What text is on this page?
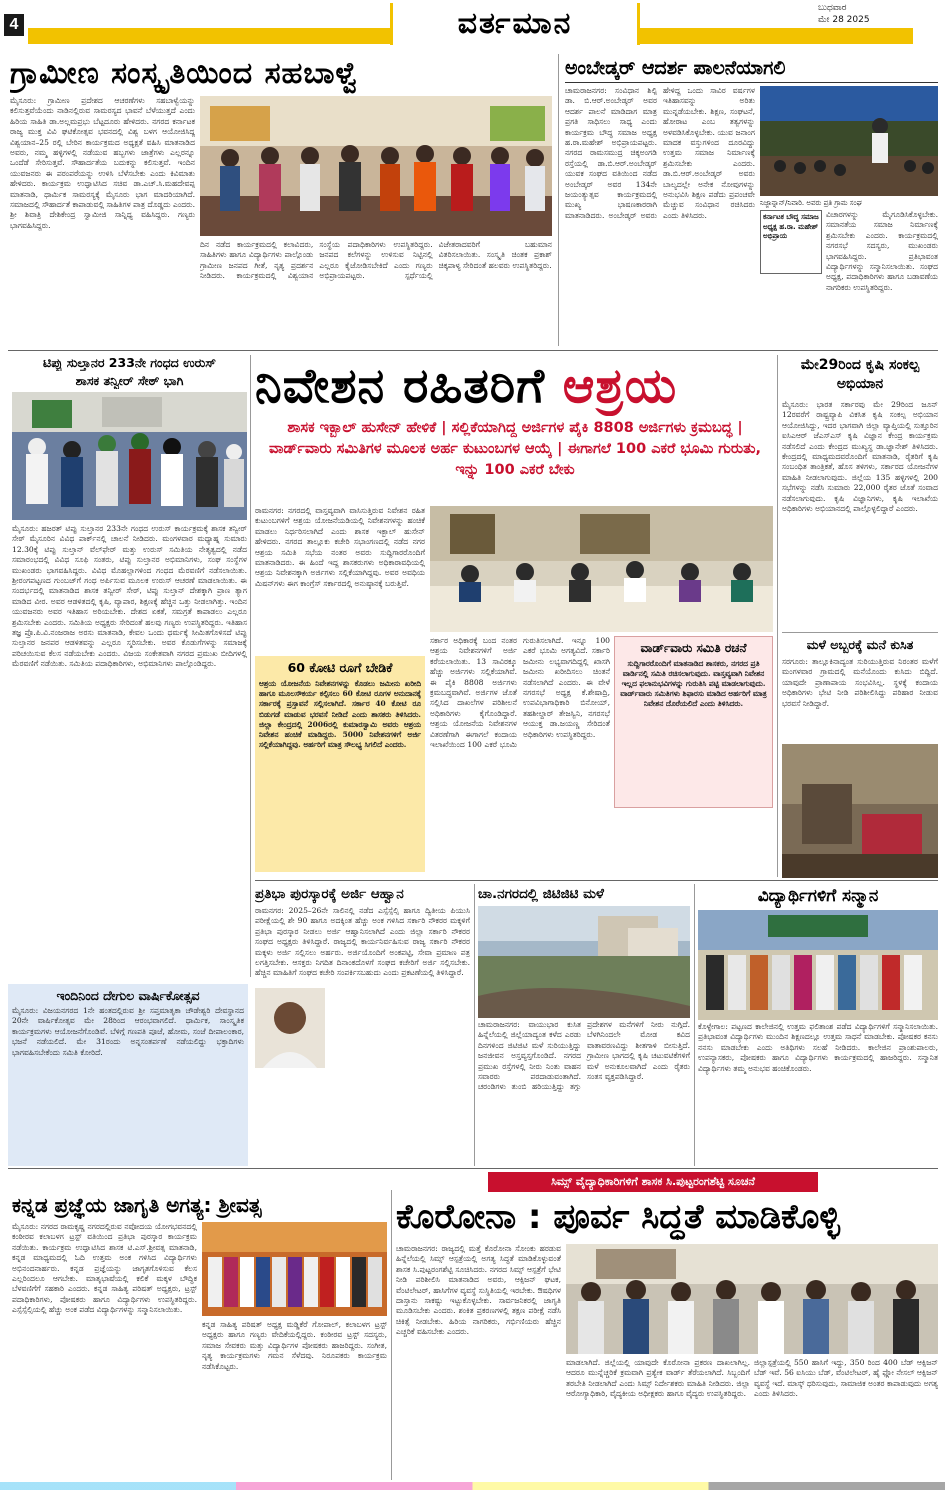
4	ವರ್ತಮಾನ	ಬುಧವಾರ
ಮೇ 28 2025
ಗ್ರಾಮೀಣ ಸಂಸ್ಕೃತಿಯಿಂದ ಸಹಬಾಳ್ವೆ
ಮೈಸೂರು: ಗ್ರಾಮೀಣ ಪ್ರದೇಶದ ಆಚರಣೆಗಳು ಸಹಬಾಳ್ವೆಯನ್ನು ಕಲಿಸುತ್ತವೆಯೆಂದು ನಾಡಿನಲ್ಲಿರುವ ಸಾಮರಸ್ಯದ ಭಾವನೆ ಬೆಳೆಯುತ್ತದೆ ಎಂದು ಹಿರಿಯ ಸಾಹಿತಿ ಡಾ.ಅಲ್ಲಮಪ್ರಭು ಬೆಟ್ಟದೂರು ಹೇಳಿದರು. ನಗರದ ಕರ್ನಾಟಕ ರಾಜ್ಯ ಮುಕ್ತ ವಿವಿ ಘಟಿಕೋತ್ಸವ ಭವನದಲ್ಲಿ ವಿಶ್ವ ಬಳಗ ಆಯೋಜಿಸಿದ್ದ ವಿಶ್ವಯಾನ–25 ರಲ್ಲಿ ಬೇರಿನ ಕಾರ್ಯಕ್ರಮದ ಅಧ್ಯಕ್ಷತೆ ವಹಿಸಿ ಮಾತನಾಡಿದ ಅವರು, ನಮ್ಮ ಹಳ್ಳಿಗಳಲ್ಲಿ ನಡೆಯುವ ಹಬ್ಬಗಳು ಜಾತ್ರೆಗಳು ಎಲ್ಲರನ್ನೂ ಒಂದೆಡೆ ಸೇರಿಸುತ್ತವೆ. ಸೌಹಾರ್ದತೆಯ ಬದುಕನ್ನು ಕಲಿಸುತ್ತವೆ. ಇಂದಿನ ಯುವಜನರು ಈ ಪರಂಪರೆಯನ್ನು ಉಳಿಸಿ ಬೆಳೆಸಬೇಕು ಎಂದು ಕಿವಿಮಾತು ಹೇಳಿದರು. ಕಾರ್ಯಕ್ರಮ ಉದ್ಘಾಟಿಸಿದ ಸಚಿವ ಡಾ.ಎಚ್.ಸಿ.ಮಹದೇವಪ್ಪ ಮಾತನಾಡಿ, ಧಾರ್ಮಿಕ ಸಾಮರಸ್ಯಕ್ಕೆ ಮೈಸೂರು ಭಾಗ ಮಾದರಿಯಾಗಿದೆ. ಸಮಾಜದಲ್ಲಿ ಸೌಹಾರ್ದತೆ ಕಾಪಾಡುವಲ್ಲಿ ಸಾಹಿತಿಗಳ ಪಾತ್ರ ದೊಡ್ಡದು ಎಂದರು. ಶ್ರೀ ಶಿವಾತ್ರಿ ದೇಶಿಕೇಂದ್ರ ಸ್ವಾಮೀಜಿ ಸಾನ್ನಿಧ್ಯ ವಹಿಸಿದ್ದರು. ಗಣ್ಯರು ಭಾಗವಹಿಸಿದ್ದರು.
ದಿನ ನಡೆದ ಕಾರ್ಯಕ್ರಮದಲ್ಲಿ ಕಲಾವಿದರು, ಸಾಹಿತಿಗಳು ಹಾಗೂ ವಿದ್ಯಾರ್ಥಿಗಳು ಪಾಲ್ಗೊಂಡು ಗ್ರಾಮೀಣ ಜನಪದ ಗೀತೆ, ನೃತ್ಯ ಪ್ರದರ್ಶನ ನೀಡಿದರು. ಕಾರ್ಯಕ್ರಮದಲ್ಲಿ ವಿಶ್ವಯಾನ ಸಂಸ್ಥೆಯ ಪದಾಧಿಕಾರಿಗಳು ಉಪಸ್ಥಿತರಿದ್ದರು. ಜನಪದ ಕಲೆಗಳನ್ನು ಉಳಿಸುವ ನಿಟ್ಟಿನಲ್ಲಿ ಎಲ್ಲರೂ ಕೈಜೋಡಿಸಬೇಕಿದೆ ಎಂದು ಗಣ್ಯರು ಅಭಿಪ್ರಾಯಪಟ್ಟರು. ಸ್ಪರ್ಧೆಯಲ್ಲಿ ವಿಜೇತರಾದವರಿಗೆ ಬಹುಮಾನ ವಿತರಿಸಲಾಯಿತು. ಸಂಸ್ಕೃತಿ ಚಿಂತಕ ಪ್ರಕಾಶ್ ಚಿಕ್ಕಪಾಳ್ಯ ಸೇರಿದಂತೆ ಹಲವರು ಉಪಸ್ಥಿತರಿದ್ದರು.
ಅಂಬೇಡ್ಕರ್ ಆದರ್ಶ ಪಾಲನೆಯಾಗಲಿ
ಚಾಮರಾಜನಗರ: ಸಂವಿಧಾನ ಶಿಲ್ಪಿ ಡಾ. ಬಿ.ಆರ್.ಅಂಬೇಡ್ಕರ್ ಅವರ ಆದರ್ಶ ಪಾಲನೆ ಮಾಡಿದಾಗ ಮಾತ್ರ ಪ್ರಗತಿ ಸಾಧಿಸಲು ಸಾಧ್ಯ ಎಂದು ಕಾರ್ಯಕ್ರಮ ಬೌದ್ಧ ಸಮಾಜ ಅಧ್ಯಕ್ಷ ಹ.ರಾ.ಮಹೇಶ್ ಅಭಿಪ್ರಾಯಪಟ್ಟರು. ನಗರದ ರಾಮಸಮುದ್ರ ಚಿಕ್ಕಅಂಗಡಿ ರಸ್ತೆಯಲ್ಲಿ ಡಾ.ಬಿ.ಆರ್.ಅಂಬೇಡ್ಕರ್ ಯುವಕ ಸಂಘದ ವತಿಯಿಂದ ನಡೆದ ಅಂಬೇಡ್ಕರ್ ಅವರ 134ನೇ ಜಯಂತ್ಯುತ್ಸವ ಕಾರ್ಯಕ್ರಮದಲ್ಲಿ ಮುಖ್ಯ ಭಾಷಣಕಾರರಾಗಿ ಮಾತನಾಡಿದರು. ಅಂಬೇಡ್ಕರ್ ಅವರು ಹೇಳಿದ್ದ ಒಂದು ಸಾವಿರ ವರ್ಷಗಳ ಇತಿಹಾಸವನ್ನು ಅರಿತು ಮುನ್ನಡೆಯಬೇಕು. ಶಿಕ್ಷಣ, ಸಂಘಟನೆ, ಹೋರಾಟ ಎಂಬ ತತ್ವಗಳನ್ನು ಅಳವಡಿಸಿಕೊಳ್ಳಬೇಕು. ಯುವ ಜನಾಂಗ ಮಾದಕ ವಸ್ತುಗಳಿಂದ ದೂರವಿದ್ದು ಉತ್ತಮ ಸಮಾಜ ನಿರ್ಮಾಣಕ್ಕೆ ಶ್ರಮಿಸಬೇಕು ಎಂದರು. ಡಾ.ಬಿ.ಆರ್.ಅಂಬೇಡ್ಕರ್ ಅವರು ಬಾಲ್ಯದಲ್ಲೇ ಅನೇಕ ನೋವುಗಳನ್ನು ಅನುಭವಿಸಿ ಶಿಕ್ಷಣ ಪಡೆದು ಪ್ರಪಂಚವೇ ಮೆಚ್ಚುವ ಸಂವಿಧಾನ ರಚಿಸಿದರು ಎಂದು ತಿಳಿಸಿದರು.
ನಿಜ್ಜಾನ್ನಾನ್/ನಿವಾರಿ. ಅವರು ಪ್ರತಿ ಗ್ರಾಮ ಸಂಘ
ಕರ್ನಾಟಕ ಬೌದ್ಧ ಸಮಾಜ ಅಧ್ಯಕ್ಷ ಹ.ರಾ. ಮಹೇಶ್ ಅಭಿಪ್ರಾಯ
ವಿಚಾರಗಳನ್ನು ಮೈಗೂಡಿಸಿಕೊಳ್ಳಬೇಕು. ಸಮಾನತೆಯ ಸಮಾಜ ನಿರ್ಮಾಣಕ್ಕೆ ಶ್ರಮಿಸಬೇಕು ಎಂದರು. ಕಾರ್ಯಕ್ರಮದಲ್ಲಿ ನಗರಸಭೆ ಸದಸ್ಯರು, ಮುಖಂಡರು ಭಾಗವಹಿಸಿದ್ದರು. ಪ್ರತಿಭಾವಂತ ವಿದ್ಯಾರ್ಥಿಗಳನ್ನು ಸನ್ಮಾನಿಸಲಾಯಿತು. ಸಂಘದ ಅಧ್ಯಕ್ಷ, ಪದಾಧಿಕಾರಿಗಳು ಹಾಗೂ ಬಡಾವಣೆಯ ನಾಗರಿಕರು ಉಪಸ್ಥಿತರಿದ್ದರು.
ಟಿಪ್ಪು ಸುಲ್ತಾನರ 233ನೇ ಗಂಧದ ಉರುಸ್
ಶಾಸಕ ತನ್ವೀರ್ ಸೇಠ್ ಭಾಗಿ
ಮೈಸೂರು: ಹಜರತ್ ಟಿಪ್ಪು ಸುಲ್ತಾನರ 233ನೇ ಗಂಧದ ಉರುಸ್ ಕಾರ್ಯಕ್ರಮಕ್ಕೆ ಶಾಸಕ ತನ್ವೀರ್ ಸೇಠ್ ಮೈಸೂರಿನ ವಿವಿಧ ಪಾರ್ಕ್‌ನಲ್ಲಿ ಚಾಲನೆ ನೀಡಿದರು. ಮಂಗಳವಾರ ಮಧ್ಯಾಹ್ನ ಸುಮಾರು 12.30ಕ್ಕೆ ಟಿಪ್ಪು ಸುಲ್ತಾನ್ ವೆಲ್‌ಫೇರ್ ಮತ್ತು ಉರುಸ್ ಸಮಿತಿಯ ನೇತೃತ್ವದಲ್ಲಿ ನಡೆದ ಸಮಾರಂಭದಲ್ಲಿ ವಿವಿಧ ಸೂಫಿ ಸಂತರು, ಟಿಪ್ಪು ಸುಲ್ತಾನರ ಅಭಿಮಾನಿಗಳು, ಸಂಘ ಸಂಸ್ಥೆಗಳ ಮುಖಂಡರು ಭಾಗವಹಿಸಿದ್ದರು. ವಿವಿಧ ಮೊಹಲ್ಲಾಗಳಿಂದ ಗಂಧದ ಮೆರವಣಿಗೆ ನಡೆಸಲಾಯಿತು. ಶ್ರೀರಂಗಪಟ್ಟಣದ ಗುಂಬಜ್‌ಗೆ ಗಂಧ ಅರ್ಪಿಸುವ ಮೂಲಕ ಉರುಸ್ ಆಚರಣೆ ಮಾಡಲಾಯಿತು. ಈ ಸಂದರ್ಭದಲ್ಲಿ ಮಾತನಾಡಿದ ಶಾಸಕ ತನ್ವೀರ್ ಸೇಠ್, ಟಿಪ್ಪು ಸುಲ್ತಾನ್ ದೇಶಕ್ಕಾಗಿ ಪ್ರಾಣ ತ್ಯಾಗ ಮಾಡಿದ ವೀರ. ಅವರ ಆಡಳಿತದಲ್ಲಿ ಕೃಷಿ, ವ್ಯಾಪಾರ, ಶಿಕ್ಷಣಕ್ಕೆ ಹೆಚ್ಚಿನ ಒತ್ತು ನೀಡಲಾಗಿತ್ತು. ಇಂದಿನ ಯುವಜನರು ಅವರ ಇತಿಹಾಸ ಅರಿಯಬೇಕು. ದೇಶದ ಏಕತೆ, ಸಮಗ್ರತೆ ಕಾಪಾಡಲು ಎಲ್ಲರೂ ಶ್ರಮಿಸಬೇಕು ಎಂದರು. ಸಮಿತಿಯ ಅಧ್ಯಕ್ಷರು ಸೇರಿದಂತೆ ಹಲವು ಗಣ್ಯರು ಉಪಸ್ಥಿತರಿದ್ದರು. ಇತಿಹಾಸ ತಜ್ಞ ಪ್ರೊ.ಪಿ.ವಿ.ನಂಜರಾಜ ಅರಸು ಮಾತನಾಡಿ, ಕೇವಲ ಒಂದು ಧರ್ಮಕ್ಕೆ ಸೀಮಿತಗೊಳಿಸದೆ ಟಿಪ್ಪು ಸುಲ್ತಾನರ ಜನಪರ ಆಡಳಿತವನ್ನು ಎಲ್ಲರೂ ಸ್ಮರಿಸಬೇಕು. ಅವರ ಕೊಡುಗೆಗಳನ್ನು ಸಮಾಜಕ್ಕೆ ಪರಿಚಯಿಸುವ ಕೆಲಸ ನಡೆಯಬೇಕು ಎಂದರು. ವಿಜಯ ಸಂಕೇತವಾಗಿ ನಗರದ ಪ್ರಮುಖ ಬೀದಿಗಳಲ್ಲಿ ಮೆರವಣಿಗೆ ನಡೆಯಿತು. ಸಮಿತಿಯ ಪದಾಧಿಕಾರಿಗಳು, ಅಭಿಮಾನಿಗಳು ಪಾಲ್ಗೊಂಡಿದ್ದರು.
ನಿವೇಶನ ರಹಿತರಿಗೆ ಆಶ್ರಯ
ಶಾಸಕ ಇಕ್ಬಾಲ್ ಹುಸೇನ್ ಹೇಳಿಕೆ | ಸಲ್ಲಿಕೆಯಾಗಿದ್ದ ಅರ್ಜಿಗಳ ಪೈಕಿ 8808 ಅರ್ಜಿಗಳು ಕ್ರಮಬದ್ಧ | ವಾರ್ಡ್‌ವಾರು ಸಮಿತಿಗಳ ಮೂಲಕ ಅರ್ಹ ಕುಟುಂಬಗಳ ಆಯ್ಕೆ | ಈಗಾಗಲೆ 100 ಎಕರೆ ಭೂಮಿ ಗುರುತು, ಇನ್ನು 100 ಎಕರೆ ಬೇಕು
ರಾಮನಗರ: ನಗರದಲ್ಲಿ ವಾಸ್ತವ್ಯವಾಗಿ ವಾಸಿಸುತ್ತಿರುವ ನಿವೇಶನ ರಹಿತ ಕುಟುಂಬಗಳಿಗೆ ಆಶ್ರಯ ಯೋಜನೆಯಡಿಯಲ್ಲಿ ನಿವೇಶನಗಳನ್ನು ಹಂಚಿಕೆ ಮಾಡಲು ನಿರ್ಧರಿಸಲಾಗಿದೆ ಎಂದು ಶಾಸಕ ಇಕ್ಬಾಲ್ ಹುಸೇನ್ ಹೇಳಿದರು. ನಗರದ ತಾಲ್ಲೂಕು ಕಚೇರಿ ಸಭಾಂಗಣದಲ್ಲಿ ನಡೆದ ನಗರ ಆಶ್ರಯ ಸಮಿತಿ ಸಭೆಯ ನಂತರ ಅವರು ಸುದ್ದಿಗಾರರೊಂದಿಗೆ ಮಾತನಾಡಿದರು. ಈ ಹಿಂದೆ ಇದ್ದ ಶಾಸಕರುಗಳು ಅಧಿಕಾರಾವಧಿಯಲ್ಲಿ ಆಶ್ರಯ ನಿವೇಶನಕ್ಕಾಗಿ ಅರ್ಜಿಗಳು ಸಲ್ಲಿಕೆಯಾಗಿದ್ದವು. ಅವರ ಅವಧಿಯ ಮಿಷನ್‌ಗಳು ಈಗ ಕಾಂಗ್ರೆಸ್ ಸರ್ಕಾರದಲ್ಲಿ ಅನುಷ್ಠಾನಕ್ಕೆ ಬರುತ್ತಿವೆ.
60 ಕೋಟಿ ರೂಗೆ ಬೇಡಿಕೆ
ಆಶ್ರಯ ಯೋಜನೆಯ ನಿವೇಶನಗಳನ್ನು ಕೊಡಲು ಜಮೀನು ಖರೀದಿ ಹಾಗೂ ಮೂಲಸೌಕರ್ಯ ಕಲ್ಪಿಸಲು 60 ಕೋಟಿ ರೂಗಳ ಅನುದಾನಕ್ಕೆ ಸರ್ಕಾರಕ್ಕೆ ಪ್ರಸ್ತಾವನೆ ಸಲ್ಲಿಸಲಾಗಿದೆ. ಸರ್ಕಾರ 40 ಕೋಟಿ ರೂ ಬಿಡುಗಡೆ ಮಾಡುವ ಭರವಸೆ ನೀಡಿದೆ ಎಂದು ಶಾಸಕರು ತಿಳಿಸಿದರು. ಜಿಲ್ಲಾ ಕೇಂದ್ರದಲ್ಲಿ 2006ರಲ್ಲಿ ಕುಮಾರಸ್ವಾಮಿ ಅವರು ಆಶ್ರಯ ನಿವೇಶನ ಹಂಚಿಕೆ ಮಾಡಿದ್ದರು. 5000 ನಿವೇಶನಗಳಿಗೆ ಅರ್ಜಿ ಸಲ್ಲಿಕೆಯಾಗಿದ್ದವು. ಅರ್ಹರಿಗೆ ಮಾತ್ರ ಸೌಲಭ್ಯ ಸಿಗಲಿದೆ ಎಂದರು.
ಸರ್ಕಾರ ಅಧಿಕಾರಕ್ಕೆ ಬಂದ ನಂತರ ಆಶ್ರಯ ನಿವೇಶನಗಳಿಗೆ ಅರ್ಜಿ ಕರೆಯಲಾಯಿತು. 13 ಸಾವಿರಕ್ಕೂ ಹೆಚ್ಚು ಅರ್ಜಿಗಳು ಸಲ್ಲಿಕೆಯಾಗಿವೆ. ಈ ಪೈಕಿ 8808 ಅರ್ಜಿಗಳು ಕ್ರಮಬದ್ಧವಾಗಿವೆ. ಅರ್ಜಿಗಳ ಜೊತೆ ಸಲ್ಲಿಸಿದ ದಾಖಲೆಗಳ ಪರಿಶೀಲನೆ ಅಧಿಕಾರಿಗಳು ಕೈಗೊಂಡಿದ್ದಾರೆ. ಆಶ್ರಯ ಯೋಜನೆಯ ನಿವೇಶನಗಳ ವಿತರಣೆಗಾಗಿ ಈಗಾಗಲೆ ಕಂದಾಯ ಇಲಾಖೆಯಿಂದ 100 ಎಕರೆ ಭೂಮಿ ಗುರುತಿಸಲಾಗಿದೆ. ಇನ್ನೂ 100 ಎಕರೆ ಭೂಮಿ ಅಗತ್ಯವಿದೆ. ಸರ್ಕಾರಿ ಜಮೀನು ಲಭ್ಯವಾಗದಿದ್ದಲ್ಲಿ ಖಾಸಗಿ ಜಮೀನು ಖರೀದಿಸಲು ಚಿಂತನೆ ನಡೆಸಲಾಗಿದೆ ಎಂದರು. ಈ ವೇಳೆ ನಗರಸಭೆ ಅಧ್ಯಕ್ಷ ಕೆ.ಶೇಷಾದ್ರಿ, ಉಪವಿಭಾಗಾಧಿಕಾರಿ ಬಿನೋಯ್, ತಹಶೀಲ್ದಾರ್ ತೇಜಸ್ವಿನಿ, ನಗರಸಭೆ ಆಯುಕ್ತ ಡಾ.ಜಯಣ್ಣ ಸೇರಿದಂತೆ ಅಧಿಕಾರಿಗಳು ಉಪಸ್ಥಿತರಿದ್ದರು.
ವಾರ್ಡ್‌ವಾರು ಸಮಿತಿ ರಚನೆ
ಸುದ್ದಿಗಾರರೊಂದಿಗೆ ಮಾತನಾಡಿದ ಶಾಸಕರು, ನಗರದ ಪ್ರತಿ ವಾರ್ಡಿನಲ್ಲಿ ಸಮಿತಿ ರಚಿಸಲಾಗುವುದು. ವಾಸ್ತವ್ಯವಾಗಿ ನಿವೇಶನ ಇಲ್ಲದ ಫಲಾನುಭವಿಗಳನ್ನು ಗುರುತಿಸಿ ಪಟ್ಟಿ ಮಾಡಲಾಗುವುದು. ವಾರ್ಡ್‌ವಾರು ಸಮಿತಿಗಳು ಶಿಫಾರಸು ಮಾಡಿದ ಅರ್ಹರಿಗೆ ಮಾತ್ರ ನಿವೇಶನ ದೊರೆಯಲಿದೆ ಎಂದು ತಿಳಿಸಿದರು.
ಮೇ29ರಿಂದ ಕೃಷಿ ಸಂಕಲ್ಪ ಅಭಿಯಾನ
ಮೈಸೂರು: ಭಾರತ ಸರ್ಕಾರವು ಮೇ 29ರಿಂದ ಜೂನ್ 12ರವರೆಗೆ ರಾಷ್ಟ್ರವ್ಯಾಪಿ ವಿಕಸಿತ ಕೃಷಿ ಸಂಕಲ್ಪ ಅಭಿಯಾನ ಆಯೋಜಿಸಿದ್ದು, ಇದರ ಭಾಗವಾಗಿ ಜಿಲ್ಲಾ ವ್ಯಾಪ್ತಿಯಲ್ಲಿ ಸುತ್ತೂರಿನ ಐಸಿಎಆರ್ ಜೆಎಸ್‌ಎಸ್ ಕೃಷಿ ವಿಜ್ಞಾನ ಕೇಂದ್ರ ಕಾರ್ಯಕ್ರಮ ನಡೆಸಲಿದೆ ಎಂದು ಕೇಂದ್ರದ ಮುಖ್ಯಸ್ಥ ಡಾ.ಜ್ಞಾನೇಶ್ ತಿಳಿಸಿದರು. ಕೇಂದ್ರದಲ್ಲಿ ಮಾಧ್ಯಮದವರೊಂದಿಗೆ ಮಾತನಾಡಿ, ರೈತರಿಗೆ ಕೃಷಿ ಸಂಬಂಧಿತ ತಾಂತ್ರಿಕತೆ, ಹೊಸ ತಳಿಗಳು, ಸರ್ಕಾರದ ಯೋಜನೆಗಳ ಮಾಹಿತಿ ನೀಡಲಾಗುವುದು. ಜಿಲ್ಲೆಯ 135 ಹಳ್ಳಿಗಳಲ್ಲಿ 200 ಸಭೆಗಳನ್ನು ನಡೆಸಿ ಸುಮಾರು 22,000 ರೈತರ ಜೊತೆ ಸಂವಾದ ನಡೆಸಲಾಗುವುದು. ಕೃಷಿ ವಿಜ್ಞಾನಿಗಳು, ಕೃಷಿ ಇಲಾಖೆಯ ಅಧಿಕಾರಿಗಳು ಅಭಿಯಾನದಲ್ಲಿ ಪಾಲ್ಗೊಳ್ಳಲಿದ್ದಾರೆ ಎಂದರು.
ಮಳೆ ಅಬ್ಬರಕ್ಕೆ ಮನೆ ಕುಸಿತ
ಸರಗೂರು: ತಾಲ್ಲೂಕಿನಾದ್ಯಂತ ಸುರಿಯುತ್ತಿರುವ ನಿರಂತರ ಮಳೆಗೆ ಮಂಗಳವಾರ ಗ್ರಾಮದಲ್ಲಿ ಮನೆಯೊಂದು ಕುಸಿದು ಬಿದ್ದಿದೆ. ಯಾವುದೇ ಪ್ರಾಣಾಪಾಯ ಸಂಭವಿಸಿಲ್ಲ. ಸ್ಥಳಕ್ಕೆ ಕಂದಾಯ ಅಧಿಕಾರಿಗಳು ಭೇಟಿ ನೀಡಿ ಪರಿಶೀಲಿಸಿದ್ದು ಪರಿಹಾರ ನೀಡುವ ಭರವಸೆ ನೀಡಿದ್ದಾರೆ.
ಪ್ರತಿಭಾ ಪುರಸ್ಕಾರಕ್ಕೆ ಅರ್ಜಿ ಆಹ್ವಾನ
ರಾಮನಗರ: 2025–26ನೇ ಸಾಲಿನಲ್ಲಿ ನಡೆದ ಎಸ್ಸೆಸ್ಸೆಲ್ಸಿ ಹಾಗೂ ದ್ವಿತೀಯ ಪಿಯುಸಿ ಪರೀಕ್ಷೆಯಲ್ಲಿ ಶೇ 90 ಹಾಗೂ ಅದಕ್ಕಿಂತ ಹೆಚ್ಚು ಅಂಕ ಗಳಿಸಿದ ಸರ್ಕಾರಿ ನೌಕರರ ಮಕ್ಕಳಿಗೆ ಪ್ರತಿಭಾ ಪುರಸ್ಕಾರ ನೀಡಲು ಅರ್ಜಿ ಆಹ್ವಾನಿಸಲಾಗಿದೆ ಎಂದು ಜಿಲ್ಲಾ ಸರ್ಕಾರಿ ನೌಕರರ ಸಂಘದ ಅಧ್ಯಕ್ಷರು ತಿಳಿಸಿದ್ದಾರೆ. ರಾಜ್ಯದಲ್ಲಿ ಕಾರ್ಯನಿರ್ವಹಿಸುವ ರಾಜ್ಯ ಸರ್ಕಾರಿ ನೌಕರರ ಮಕ್ಕಳು ಅರ್ಜಿ ಸಲ್ಲಿಸಲು ಅರ್ಹರು. ಅರ್ಜಿಯೊಂದಿಗೆ ಅಂಕಪಟ್ಟಿ, ಸೇವಾ ಪ್ರಮಾಣ ಪತ್ರ ಲಗತ್ತಿಸಬೇಕು. ಆಸಕ್ತರು ನಿಗದಿತ ದಿನಾಂಕದೊಳಗೆ ಸಂಘದ ಕಚೇರಿಗೆ ಅರ್ಜಿ ಸಲ್ಲಿಸಬೇಕು. ಹೆಚ್ಚಿನ ಮಾಹಿತಿಗೆ ಸಂಘದ ಕಚೇರಿ ಸಂಪರ್ಕಿಸಬಹುದು ಎಂದು ಪ್ರಕಟಣೆಯಲ್ಲಿ ತಿಳಿಸಿದ್ದಾರೆ.
ಚಾ.ನಗರದಲ್ಲಿ ಜಿಟಿಜಿಟಿ ಮಳೆ
ಚಾಮರಾಜನಗರ: ವಾಯುಭಾರ ಕುಸಿತ ಹಿನ್ನೆಲೆಯಲ್ಲಿ ಜಿಲ್ಲೆಯಾದ್ಯಂತ ಕಳೆದ ಎರಡು ದಿನಗಳಿಂದ ಜಿಟಿಜಿಟಿ ಮಳೆ ಸುರಿಯುತ್ತಿದ್ದು ಜನಜೀವನ ಅಸ್ತವ್ಯಸ್ತಗೊಂಡಿದೆ. ನಗರದ ಪ್ರಮುಖ ರಸ್ತೆಗಳಲ್ಲಿ ನೀರು ನಿಂತು ವಾಹನ ಸವಾರರು ಪರದಾಡುವಂತಾಗಿದೆ. ಚರಂಡಿಗಳು ತುಂಬಿ ಹರಿಯುತ್ತಿದ್ದು ತಗ್ಗು ಪ್ರದೇಶಗಳ ಮನೆಗಳಿಗೆ ನೀರು ನುಗ್ಗಿದೆ. ಬೆಳಗಿನಿಂದಲೇ ಮೋಡ ಕವಿದ ವಾತಾವರಣವಿದ್ದು ಶೀತಗಾಳಿ ಬೀಸುತ್ತಿದೆ. ಗ್ರಾಮೀಣ ಭಾಗದಲ್ಲಿ ಕೃಷಿ ಚಟುವಟಿಕೆಗಳಿಗೆ ಮಳೆ ಅನುಕೂಲವಾಗಿದೆ ಎಂದು ರೈತರು ಸಂತಸ ವ್ಯಕ್ತಪಡಿಸಿದ್ದಾರೆ.
ವಿದ್ಯಾರ್ಥಿಗಳಿಗೆ ಸನ್ಮಾನ
ಕೊಳ್ಳೇಗಾಲ: ಪಟ್ಟಣದ ಕಾಲೇಜಿನಲ್ಲಿ ಉತ್ತಮ ಫಲಿತಾಂಶ ಪಡೆದ ವಿದ್ಯಾರ್ಥಿಗಳಿಗೆ ಸನ್ಮಾನಿಸಲಾಯಿತು. ಪ್ರತಿಭಾವಂತ ವಿದ್ಯಾರ್ಥಿಗಳು ಮುಂದಿನ ಶಿಕ್ಷಣದಲ್ಲೂ ಉತ್ತಮ ಸಾಧನೆ ಮಾಡಬೇಕು. ಪೋಷಕರ ಕನಸು ನನಸು ಮಾಡಬೇಕು ಎಂದು ಅತಿಥಿಗಳು ಸಲಹೆ ನೀಡಿದರು. ಕಾಲೇಜಿನ ಪ್ರಾಂಶುಪಾಲರು, ಉಪನ್ಯಾಸಕರು, ಪೋಷಕರು ಹಾಗೂ ವಿದ್ಯಾರ್ಥಿಗಳು ಕಾರ್ಯಕ್ರಮದಲ್ಲಿ ಹಾಜರಿದ್ದರು. ಸನ್ಮಾನಿತ ವಿದ್ಯಾರ್ಥಿಗಳು ತಮ್ಮ ಅನುಭವ ಹಂಚಿಕೊಂಡರು.
ಇಂದಿನಿಂದ ದೇಗುಲ ವಾರ್ಷಿಕೋತ್ಸವ
ಮೈಸೂರು: ವಿಜಯನಗರದ 1ನೇ ಹಂತದಲ್ಲಿರುವ ಶ್ರೀ ಸಪ್ತಮಾತೃಕಾ ಚೌಡೇಶ್ವರಿ ದೇವಸ್ಥಾನದ 20ನೇ ವಾರ್ಷಿಕೋತ್ಸವ ಮೇ 28ರಿಂದ ಆರಂಭವಾಗಲಿದೆ. ಧಾರ್ಮಿಕ, ಸಾಂಸ್ಕೃತಿಕ ಕಾರ್ಯಕ್ರಮಗಳು ಆಯೋಜನೆಗೊಂಡಿವೆ. ಬೆಳಿಗ್ಗೆ ಗಣಪತಿ ಪೂಜೆ, ಹೋಮ, ಸಂಜೆ ದೀಪಾಲಂಕಾರ, ಭಜನೆ ನಡೆಯಲಿದೆ. ಮೇ 31ರಂದು ಅನ್ನಸಂತರ್ಪಣೆ ನಡೆಯಲಿದ್ದು ಭಕ್ತಾದಿಗಳು ಭಾಗವಹಿಸಬೇಕೆಂದು ಸಮಿತಿ ಕೋರಿದೆ.
ಸಿಮ್ಸ್ ವೈದ್ಯಾಧಿಕಾರಿಗಳಿಗೆ ಶಾಸಕ ಸಿ.ಪುಟ್ಟರಂಗಶೆಟ್ಟಿ ಸೂಚನೆ
ಕನ್ನಡ ಪ್ರಜ್ಞೆಯ ಜಾಗೃತಿ ಅಗತ್ಯ: ಶ್ರೀವತ್ಸ
ಮೈಸೂರು: ನಗರದ ರಾಮಕೃಷ್ಣ ನಗರದಲ್ಲಿರುವ ನವೋದಯ ಯೋಗಭವನದಲ್ಲಿ ಕಂಠೀರವ ಕಲಾಬಳಗ ಟ್ರಸ್ಟ್ ವತಿಯಿಂದ ಪ್ರತಿಭಾ ಪುರಸ್ಕಾರ ಕಾರ್ಯಕ್ರಮ ನಡೆಯಿತು. ಕಾರ್ಯಕ್ರಮ ಉದ್ಘಾಟಿಸಿದ ಶಾಸಕ ಟಿ.ಎಸ್.ಶ್ರೀವತ್ಸ ಮಾತನಾಡಿ, ಕನ್ನಡ ಮಾಧ್ಯಮದಲ್ಲಿ ಓದಿ ಉತ್ತಮ ಅಂಕ ಗಳಿಸಿದ ವಿದ್ಯಾರ್ಥಿಗಳು ಅಭಿನಂದನಾರ್ಹರು. ಕನ್ನಡ ಪ್ರಜ್ಞೆಯನ್ನು ಜಾಗೃತಗೊಳಿಸುವ ಕೆಲಸ ಎಲ್ಲರಿಂದಲೂ ಆಗಬೇಕು. ಮಾತೃಭಾಷೆಯಲ್ಲಿ ಕಲಿಕೆ ಮಕ್ಕಳ ಬೌದ್ಧಿಕ ಬೆಳವಣಿಗೆಗೆ ಸಹಕಾರಿ ಎಂದರು. ಕನ್ನಡ ಸಾಹಿತ್ಯ ಪರಿಷತ್ ಅಧ್ಯಕ್ಷರು, ಟ್ರಸ್ಟ್ ಪದಾಧಿಕಾರಿಗಳು, ಪೋಷಕರು ಹಾಗೂ ವಿದ್ಯಾರ್ಥಿಗಳು ಉಪಸ್ಥಿತರಿದ್ದರು. ಎಸ್ಸೆಸ್ಸೆಲ್ಸಿಯಲ್ಲಿ ಹೆಚ್ಚು ಅಂಕ ಪಡೆದ ವಿದ್ಯಾರ್ಥಿಗಳನ್ನು ಸನ್ಮಾನಿಸಲಾಯಿತು.
ಕನ್ನಡ ಸಾಹಿತ್ಯ ಪರಿಷತ್ ಅಧ್ಯಕ್ಷ ಮಡ್ಡಿಕೆರೆ ಗೋಪಾಲ್, ಕಲಾಬಳಗ ಟ್ರಸ್ಟ್ ಅಧ್ಯಕ್ಷರು ಹಾಗೂ ಗಣ್ಯರು ವೇದಿಕೆಯಲ್ಲಿದ್ದರು. ಕಂಠೀರವ ಟ್ರಸ್ಟ್ ಸದಸ್ಯರು, ಸಮಾಜ ಸೇವಕರು ಮತ್ತು ವಿದ್ಯಾರ್ಥಿಗಳ ಪೋಷಕರು ಹಾಜರಿದ್ದರು. ಸಂಗೀತ, ನೃತ್ಯ ಕಾರ್ಯಕ್ರಮಗಳು ಗಮನ ಸೆಳೆದವು. ನಿರೂಪಕರು ಕಾರ್ಯಕ್ರಮ ನಡೆಸಿಕೊಟ್ಟರು.
ಕೊರೋನಾ : ಪೂರ್ವ ಸಿದ್ಧತೆ ಮಾಡಿಕೊಳ್ಳಿ
ಚಾಮರಾಜನಗರ: ರಾಜ್ಯದಲ್ಲಿ ಮತ್ತೆ ಕೊರೋನಾ ಸೋಂಕು ಹರಡುವ ಹಿನ್ನೆಲೆಯಲ್ಲಿ ಸಿಮ್ಸ್ ಆಸ್ಪತ್ರೆಯಲ್ಲಿ ಅಗತ್ಯ ಸಿದ್ಧತೆ ಮಾಡಿಕೊಳ್ಳುವಂತೆ ಶಾಸಕ ಸಿ.ಪುಟ್ಟರಂಗಶೆಟ್ಟಿ ಸೂಚಿಸಿದರು. ನಗರದ ಸಿಮ್ಸ್ ಆಸ್ಪತ್ರೆಗೆ ಭೇಟಿ ನೀಡಿ ಪರಿಶೀಲಿಸಿ ಮಾತನಾಡಿದ ಅವರು, ಆಕ್ಸಿಜನ್ ಘಟಕ, ವೆಂಟಿಲೇಟರ್, ಹಾಸಿಗೆಗಳ ವ್ಯವಸ್ಥೆ ಸುಸ್ಥಿತಿಯಲ್ಲಿ ಇರಬೇಕು. ಔಷಧಿಗಳ ದಾಸ್ತಾನು ಸಾಕಷ್ಟು ಇಟ್ಟುಕೊಳ್ಳಬೇಕು. ಸಾರ್ವಜನಿಕರಲ್ಲಿ ಜಾಗೃತಿ ಮೂಡಿಸಬೇಕು ಎಂದರು. ಶಂಕಿತ ಪ್ರಕರಣಗಳಲ್ಲಿ ತಕ್ಷಣ ಪರೀಕ್ಷೆ ನಡೆಸಿ ಚಿಕಿತ್ಸೆ ನೀಡಬೇಕು. ಹಿರಿಯ ನಾಗರಿಕರು, ಗರ್ಭಿಣಿಯರು ಹೆಚ್ಚಿನ ಎಚ್ಚರಿಕೆ ವಹಿಸಬೇಕು ಎಂದರು.
ಮಾಡಲಾಗಿದೆ. ಜಿಲ್ಲೆಯಲ್ಲಿ ಯಾವುದೇ ಕೊರೋನಾ ಪ್ರಕರಣ ದಾಖಲಾಗಿಲ್ಲ. ಆದರೂ ಮುನ್ನೆಚ್ಚರಿಕೆ ಕ್ರಮವಾಗಿ ಪ್ರತ್ಯೇಕ ವಾರ್ಡ್ ತೆರೆಯಲಾಗಿದೆ. ಸಿಬ್ಬಂದಿಗೆ ತರಬೇತಿ ನೀಡಲಾಗಿದೆ ಎಂದು ಸಿಮ್ಸ್ ನಿರ್ದೇಶಕರು ಮಾಹಿತಿ ನೀಡಿದರು. ಜಿಲ್ಲಾ ಆರೋಗ್ಯಾಧಿಕಾರಿ, ವೈದ್ಯಕೀಯ ಅಧೀಕ್ಷಕರು ಹಾಗೂ ವೈದ್ಯರು ಉಪಸ್ಥಿತರಿದ್ದರು.
ಜಿಲ್ಲಾಸ್ಪತ್ರೆಯಲ್ಲಿ 550 ಹಾಸಿಗೆ ಇದ್ದು, 350 ರಿಂದ 400 ಬೆಡ್ ಆಕ್ಸಿಜನ್ ಬೆಡ್ ಇವೆ. 56 ಐಸಿಯು ಬೆಡ್, ವೆಂಟಿಲೇಟರ್, ಹೈ ಫ್ಲೋ ನೇಸಲ್ ಆಕ್ಸಿಜನ್ ವ್ಯವಸ್ಥೆ ಇದೆ. ಮಾಸ್ಕ್ ಧರಿಸುವುದು, ಸಾಮಾಜಿಕ ಅಂತರ ಕಾಪಾಡುವುದು ಅಗತ್ಯ ಎಂದು ತಿಳಿಸಿದರು.
